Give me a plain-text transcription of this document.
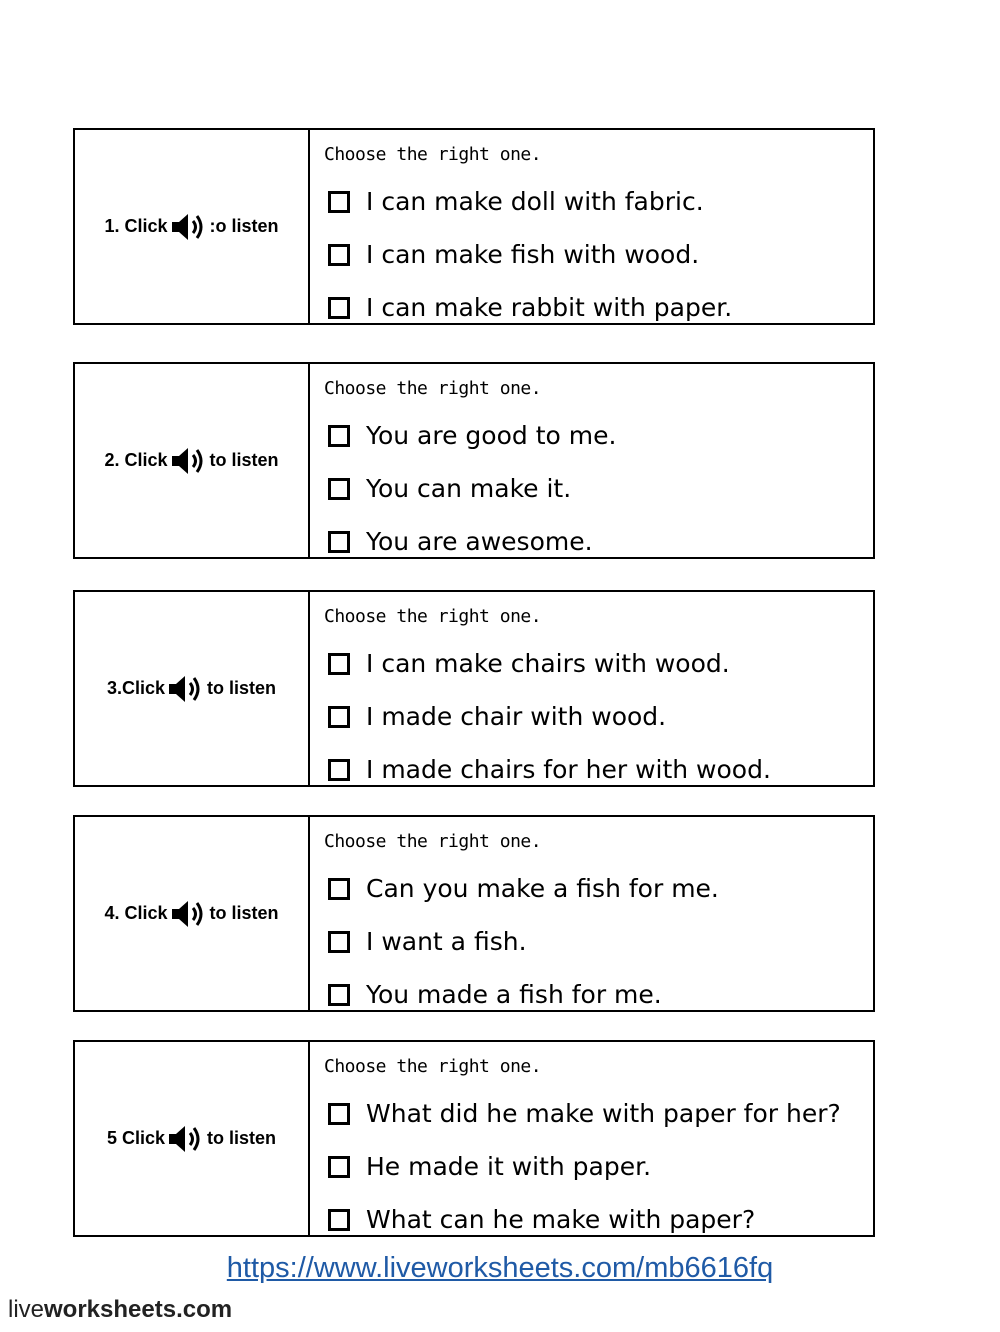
1. Click :o listen
Choose the right one.
I can make doll with fabric.
I can make fish with wood.
I can make rabbit with paper.
2. Click to listen
Choose the right one.
You are good to me.
You can make it.
You are awesome.
3.Click to listen
Choose the right one.
I can make chairs with wood.
I made chair with wood.
I made chairs for her with wood.
4. Click to listen
Choose the right one.
Can you make a fish for me.
I want a fish.
You made a fish for me.
5 Click to listen
Choose the right one.
What did he make with paper for her?
He made it with paper.
What can he make with paper?
https://www.liveworksheets.com/mb6616fq
liveworksheets.com
